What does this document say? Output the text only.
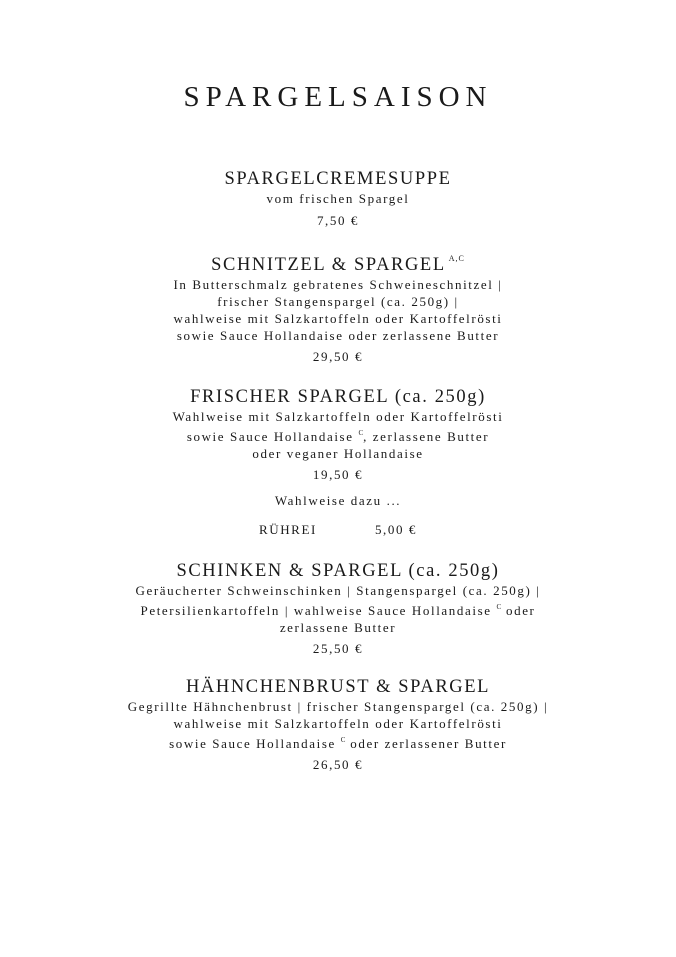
SPARGELSAISON
SPARGELCREMESUPPE
vom frischen Spargel
7,50 €
SCHNITZEL & SPARGEL $^{A,C}$
In Butterschmalz gebratenes Schweineschnitzel |
frischer Stangenspargel (ca. 250g) |
wahlweise mit Salzkartoffeln oder Kartoffelrösti
sowie Sauce Hollandaise oder zerlassene Butter
29,50 €
FRISCHER SPARGEL (ca. 250g)
Wahlweise mit Salzkartoffeln oder Kartoffelrösti
sowie Sauce Hollandaise $^C$, zerlassene Butter
oder veganer Hollandaise
19,50 €
Wahlweise dazu ...
RÜHREI	5,00 €
SCHINKEN & SPARGEL (ca. 250g)
Geräucherter Schweinschinken | Stangenspargel (ca. 250g) |
Petersilienkartoffeln | wahlweise Sauce Hollandaise $^C$ oder
zerlassene Butter
25,50 €
HÄHNCHENBRUST & SPARGEL
Gegrillte Hähnchenbrust | frischer Stangenspargel (ca. 250g) |
wahlweise mit Salzkartoffeln oder Kartoffelrösti
sowie Sauce Hollandaise $^C$ oder zerlassener Butter
26,50 €
